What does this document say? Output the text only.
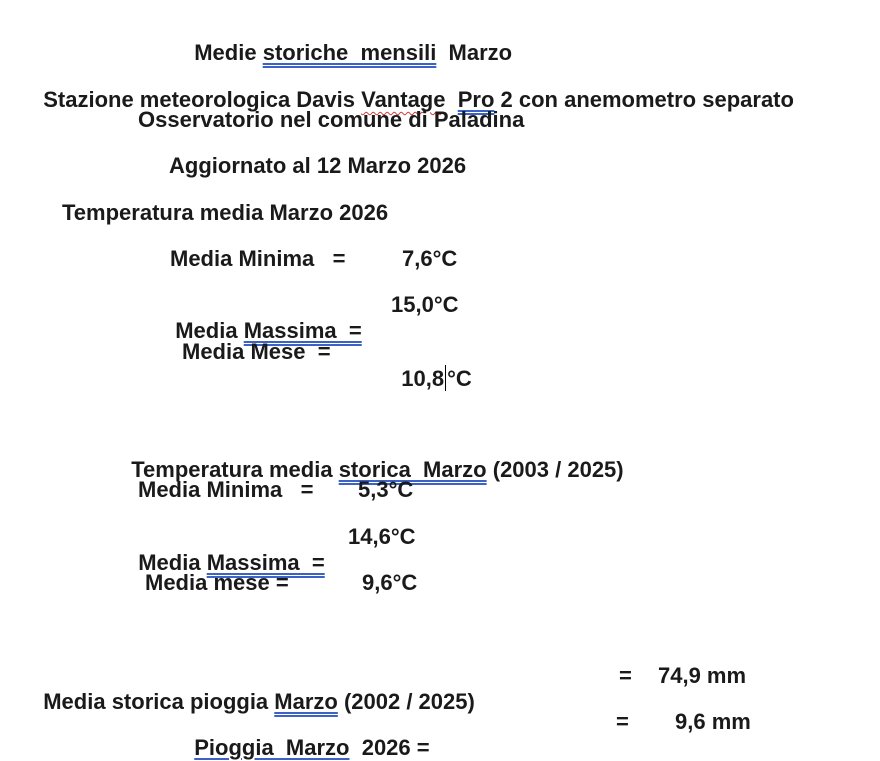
Medie storiche  mensili  Marzo

Stazione meteorologica Davis Vantage Pro 2 con anemometro separato

Osservatorio nel comune di Paladina
Aggiornato al 12 Marzo 2026
Temperatura media Marzo 2026
Media Minima   =	7,6°C

Media Massima  =

15,0°C
Media Mese  =

10,8 °C

Temperatura media storica  Marzo (2003 / 2025)

Media Minima   = 5,3°C

Media Massima  =

14,6°C
Media mese =	9,6°C

Media storica pioggia Marzo (2002 / 2025)

= 74,9 mm

Pioggia  Marzo  2026 =

= 9,6 mm
